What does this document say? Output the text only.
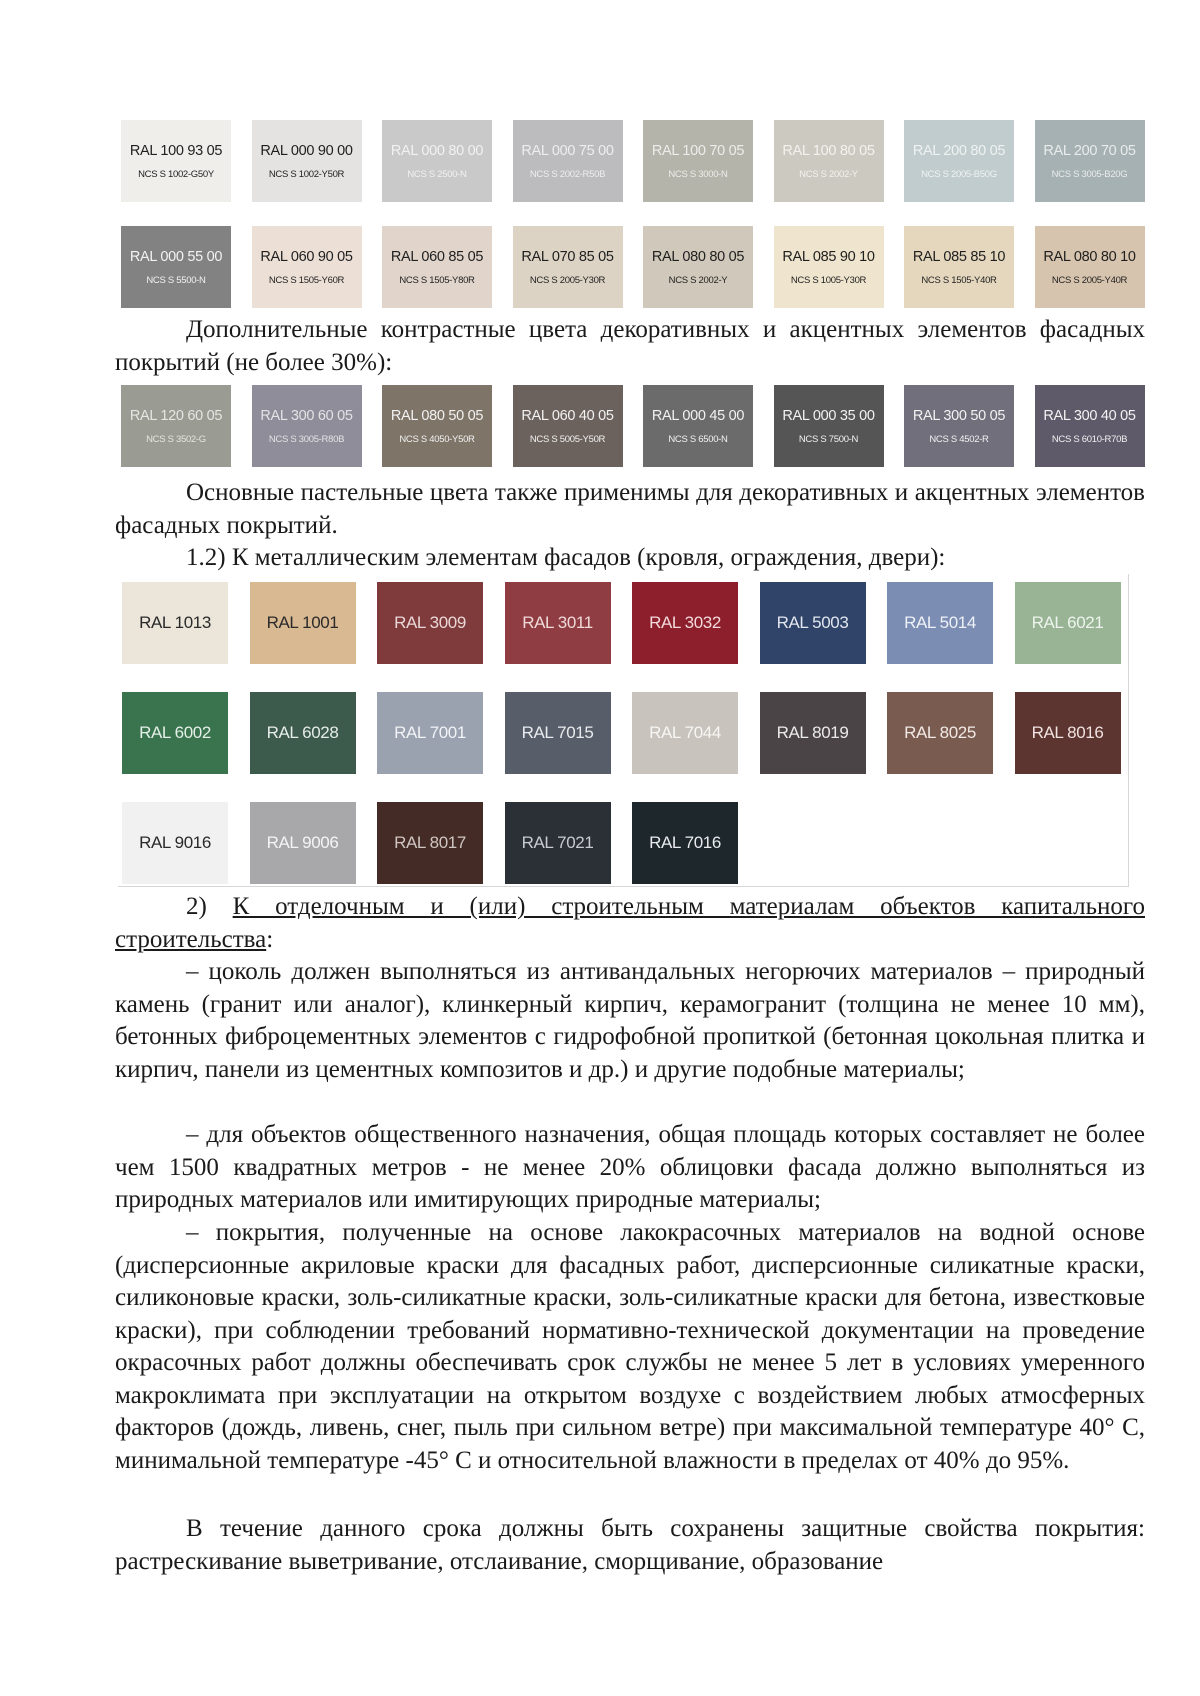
RAL 100 93 05
NCS S 1002-G50Y
RAL 000 90 00
NCS S 1002-Y50R
RAL 000 80 00
NCS S 2500-N
RAL 000 75 00
NCS S 2002-R50B
RAL 100 70 05
NCS S 3000-N
RAL 100 80 05
NCS S 2002-Y
RAL 200 80 05
NCS S 2005-B50G
RAL 200 70 05
NCS S 3005-B20G
RAL 000 55 00
NCS S 5500-N
RAL 060 90 05
NCS S 1505-Y60R
RAL 060 85 05
NCS S 1505-Y80R
RAL 070 85 05
NCS S 2005-Y30R
RAL 080 80 05
NCS S 2002-Y
RAL 085 90 10
NCS S 1005-Y30R
RAL 085 85 10
NCS S 1505-Y40R
RAL 080 80 10
NCS S 2005-Y40R

Дополнительные контрастные цвета декоративных и акцентных элементов фасадных покрытий (не более 30%):

RAL 120 60 05
NCS S 3502-G
RAL 300 60 05
NCS S 3005-R80B
RAL 080 50 05
NCS S 4050-Y50R
RAL 060 40 05
NCS S 5005-Y50R
RAL 000 45 00
NCS S 6500-N
RAL 000 35 00
NCS S 7500-N
RAL 300 50 05
NCS S 4502-R
RAL 300 40 05
NCS S 6010-R70B

Основные пастельные цвета также применимы для декоративных и акцентных элементов фасадных покрытий.

1.2) К металлическим элементам фасадов (кровля, ограждения, двери):

RAL 1013	RAL 1001	RAL 3009	RAL 3011	RAL 3032	RAL 5003	RAL 5014	RAL 6021
RAL 6002	RAL 6028	RAL 7001	RAL 7015	RAL 7044	RAL 8019	RAL 8025	RAL 8016
RAL 9016	RAL 9006	RAL 8017	RAL 7021	RAL 7016

2) К отделочным и (или) строительным материалам объектов капитального строительства:

– цоколь должен выполняться из антивандальных негорючих материалов – природный камень (гранит или аналог), клинкерный кирпич, керамогранит (толщина не менее 10 мм), бетонных фиброцементных элементов с гидрофобной пропиткой (бетонная цокольная плитка и кирпич, панели из цементных композитов и др.) и другие подобные материалы;

– для объектов общественного назначения, общая площадь которых составляет не более чем 1500 квадратных метров - не менее 20% облицовки фасада должно выполняться из природных материалов или имитирующих природные материалы;

– покрытия, полученные на основе лакокрасочных материалов на водной основе (дисперсионные акриловые краски для фасадных работ, дисперсионные силикатные краски, силиконовые краски, золь-силикатные краски, золь-силикатные краски для бетона, известковые краски), при соблюдении требований нормативно-технической документации на проведение окрасочных работ должны обеспечивать срок службы не менее 5 лет в условиях умеренного макроклимата при эксплуатации на открытом воздухе с воздействием любых атмосферных факторов (дождь, ливень, снег, пыль при сильном ветре) при максимальной температуре 40° С, минимальной температуре -45° С и относительной влажности в пределах от 40% до 95%.

В течение данного срока должны быть сохранены защитные свойства покрытия: растрескивание выветривание, отслаивание, сморщивание, образование
